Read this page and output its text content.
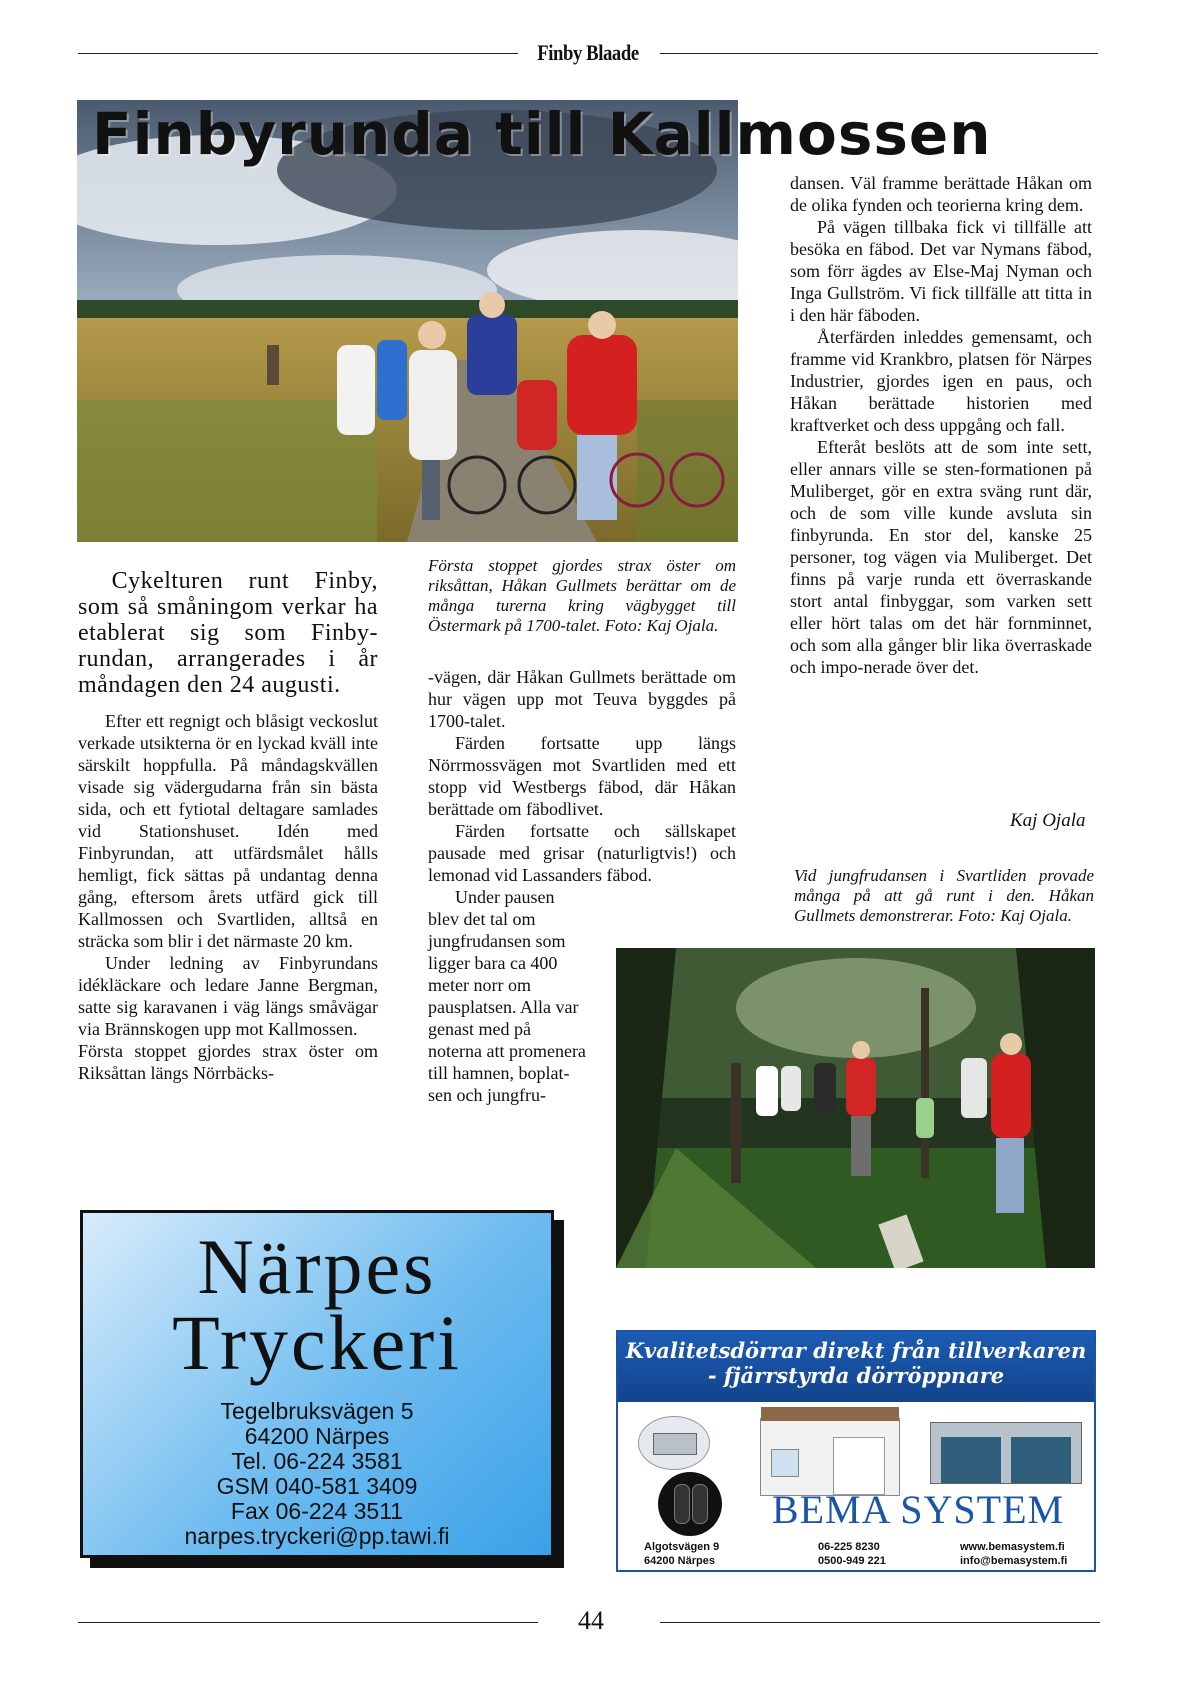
Finby Blaade
Finbyrunda till Kallmossen

Cykelturen runt Finby, som så småningom verkar ha etablerat sig som Finby-rundan, arrangerades i år måndagen den 24 augusti.

Efter ett regnigt och blåsigt veckoslut verkade utsikterna ör en lyckad kväll inte särskilt hoppfulla. På måndagskvällen visade sig vädergudarna från sin bästa sida, och ett fytiotal deltagare samlades vid Stationshuset. Idén med Finbyrundan, att utfärdsmålet hålls hemligt, fick sättas på undantag denna gång, eftersom årets utfärd gick till Kallmossen och Svartliden, alltså en sträcka som blir i det närmaste 20 km.

Under ledning av Finbyrundans idékläckare och ledare Janne Bergman, satte sig karavanen i väg längs småvägar via Brännskogen upp mot Kallmossen.

Första stoppet gjordes strax öster om Riksåttan längs Nörrbäcks-

Första stoppet gjordes strax öster om riksåttan, Håkan Gullmets berättar om de många turerna kring vägbygget till Östermark på 1700-talet. Foto: Kaj Ojala.

-vägen, där Håkan Gullmets berättade om hur vägen upp mot Teuva byggdes på 1700-talet.

Färden fortsatte upp längs Nörrmossvägen mot Svartliden med ett stopp vid Westbergs fäbod, där Håkan berättade om fäbodlivet.

Färden fortsatte och sällskapet pausade med grisar (naturligtvis!) och lemonad vid Lassanders fäbod.

Under pausen blev det tal om jungfrudansen som ligger bara ca 400 meter norr om pausplatsen. Alla var genast med på noterna att promenera till hamnen, boplat-sen och jungfru-

dansen. Väl framme berättade Håkan om de olika fynden och teorierna kring dem.

På vägen tillbaka fick vi tillfälle att besöka en fäbod. Det var Nymans fäbod, som förr ägdes av Else-Maj Nyman och Inga Gullström. Vi fick tillfälle att titta in i den här fäboden.

Återfärden inleddes gemensamt, och framme vid Krankbro, platsen för Närpes Industrier, gjordes igen en paus, och Håkan berättade historien med kraftverket och dess uppgång och fall.

Efteråt beslöts att de som inte sett, eller annars ville se sten-formationen på Muliberget, gör en extra sväng runt där, och de som ville kunde avsluta sin finbyrunda. En stor del, kanske 25 personer, tog vägen via Muliberget. Det finns på varje runda ett överraskande stort antal finbyggar, som varken sett eller hört talas om det här fornminnet, och som alla gånger blir lika överraskade och impo-nerade över det.

Kaj Ojala
Vid jungfrudansen i Svartliden provade många på att gå runt i den. Håkan Gullmets demonstrerar. Foto: Kaj Ojala.
Närpes
Tryckeri
Tegelbruksvägen 5
64200 Närpes
Tel. 06-224 3581
GSM 040-581 3409
Fax 06-224 3511
narpes.tryckeri@pp.tawi.fi
Kvalitetsdörrar direkt från tillverkaren
- fjärrstyrda dörröppnare
BEMA SYSTEM
Algotsvägen 9
64200 Närpes
06-225 8230
0500-949 221
www.bemasystem.fi
info@bemasystem.fi
44
